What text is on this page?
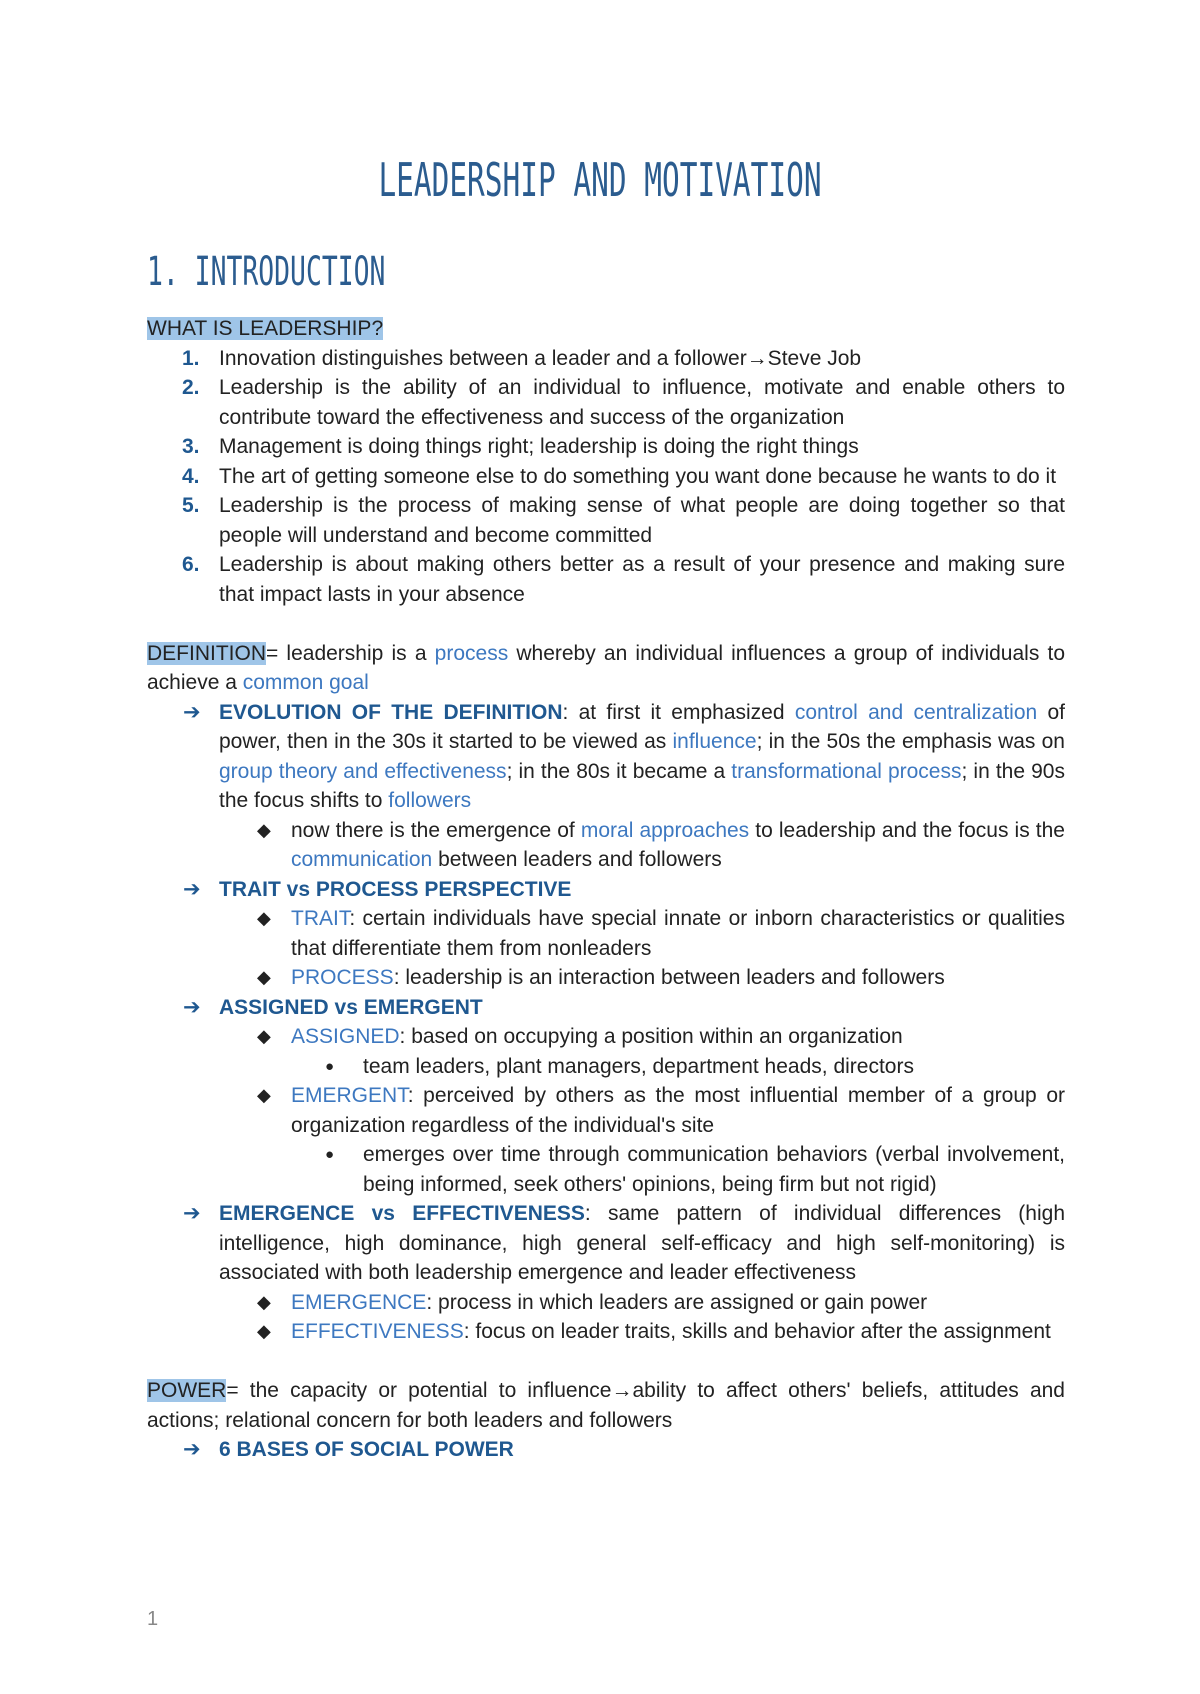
LEADERSHIP AND MOTIVATION
1. INTRODUCTION
WHAT IS LEADERSHIP?
1. Innovation distinguishes between a leader and a follower→Steve Job
2. Leadership is the ability of an individual to influence, motivate and enable others to contribute toward the effectiveness and success of the organization
3. Management is doing things right; leadership is doing the right things
4. The art of getting someone else to do something you want done because he wants to do it
5. Leadership is the process of making sense of what people are doing together so that people will understand and become committed
6. Leadership is about making others better as a result of your presence and making sure that impact lasts in your absence
DEFINITION= leadership is a process whereby an individual influences a group of individuals to achieve a common goal
➔ EVOLUTION OF THE DEFINITION: at first it emphasized control and centralization of power, then in the 30s it started to be viewed as influence; in the 50s the emphasis was on group theory and effectiveness; in the 80s it became a transformational process; in the 90s the focus shifts to followers
◆ now there is the emergence of moral approaches to leadership and the focus is the communication between leaders and followers
➔ TRAIT vs PROCESS PERSPECTIVE
◆ TRAIT: certain individuals have special innate or inborn characteristics or qualities that differentiate them from nonleaders
◆ PROCESS: leadership is an interaction between leaders and followers
➔ ASSIGNED vs EMERGENT
◆ ASSIGNED: based on occupying a position within an organization
●	team leaders, plant managers, department heads, directors
◆ EMERGENT: perceived by others as the most influential member of a group or organization regardless of the individual's site
●	emerges over time through communication behaviors (verbal involvement, being informed, seek others' opinions, being firm but not rigid)
➔ EMERGENCE vs EFFECTIVENESS: same pattern of individual differences (high intelligence, high dominance, high general self-efficacy and high self-monitoring) is associated with both leadership emergence and leader effectiveness
◆ EMERGENCE: process in which leaders are assigned or gain power
◆ EFFECTIVENESS: focus on leader traits, skills and behavior after the assignment
POWER= the capacity or potential to influence→ability to affect others' beliefs, attitudes and actions; relational concern for both leaders and followers
➔ 6 BASES OF SOCIAL POWER
1
